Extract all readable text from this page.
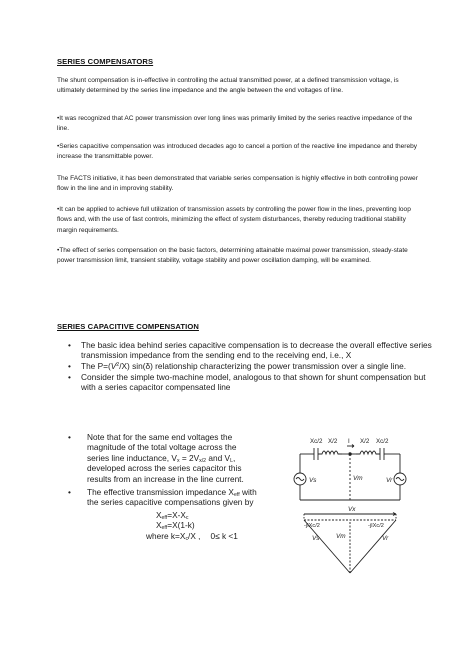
SERIES COMPENSATORS

The shunt compensation is in-effective in controlling the actual transmitted power, at a defined transmission voltage, is ultimately determined by the series line impedance and the angle between the end voltages of line.

•It was recognized that AC power transmission over long lines was primarily limited by the series reactive impedance of the line.

•Series capacitive compensation was introduced decades ago to cancel a portion of the reactive line impedance and thereby increase the transmittable power.

The FACTS initiative, it has been demonstrated that variable series compensation is highly effective in both controlling power flow in the line and in improving stability.

•It can be applied to achieve full utilization of transmission assets by controlling the power flow in the lines, preventing loop flows and, with the use of fast controls, minimizing the effect of system disturbances, thereby reducing traditional stability margin requirements.

•The effect of series compensation on the basic factors, determining attainable maximal power transmission, steady-state power transmission limit, transient stability, voltage stability and power oscillation damping, will be examined.

SERIES CAPACITIVE COMPENSATION
• The basic idea behind series capacitive compensation is to decrease the overall effective series transmission impedance from the sending end to the receiving end, i.e., X
• The $P=(V^2/X)$ sin(δ) relationship characterizing the power transmission over a single line.
• Consider the simple two-machine model, analogous to that shown for shunt compensation but with a series capacitor compensated line
• Note that for the same end voltages the
magnitude of the total voltage across the
series line inductance, $V_x = 2V_{x/2}$ and $V_L$,
developed across the series capacitor this
results from an increase in the line current.
• The effective transmission impedance $X_{eff}$ with
the series capacitive compensations given by
$X_{eff}=X-X_c$
$X_{eff}=X(1-k)$
where $k=X_c/X$ , 0≤ k <1
Xc/2 X/2 I X/2 Xc/2
Vs	Vm	Vr
Vx
-jIXc/2	-jIXc/2
Vs	Vm	Vr
